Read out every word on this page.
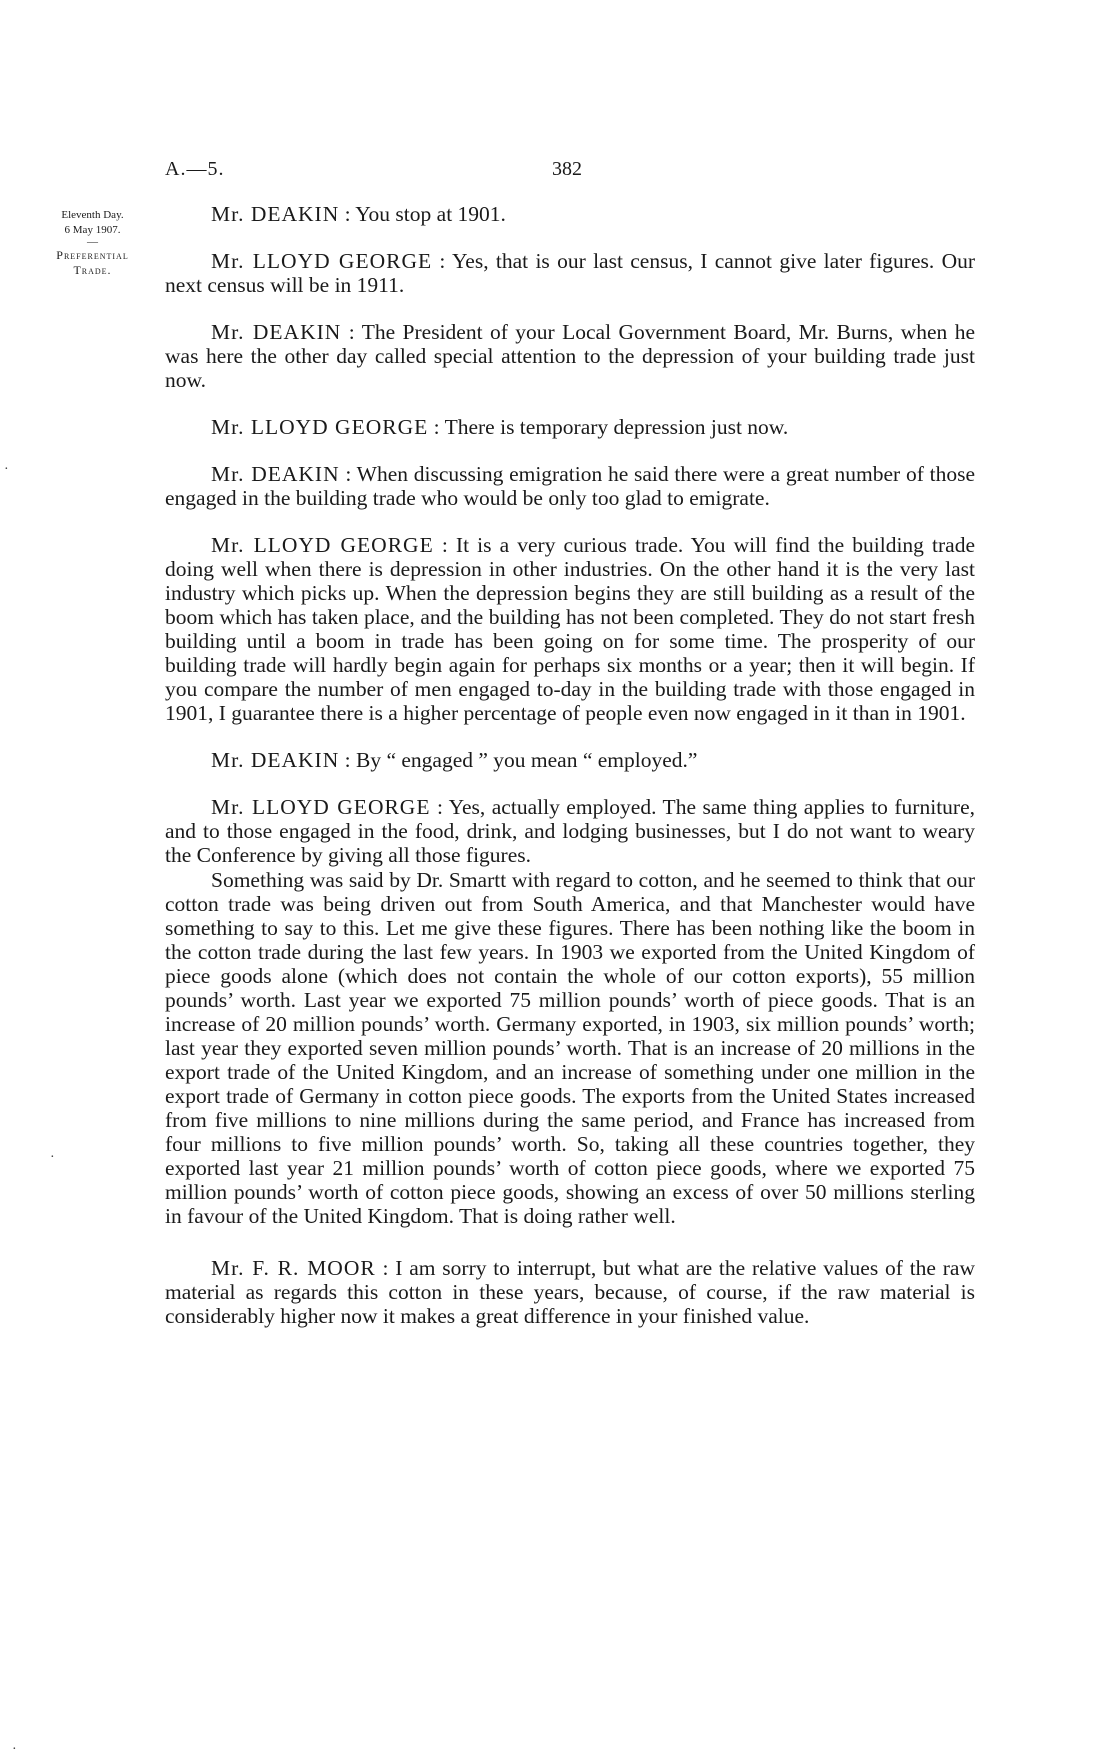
A.—5.	382
Eleventh Day.
6 May 1907.
—
Preferential
Trade.

Mr. DEAKIN : You stop at 1901.

Mr. LLOYD GEORGE : Yes, that is our last census, I cannot give later figures. Our next census will be in 1911.

Mr. DEAKIN : The President of your Local Government Board, Mr. Burns, when he was here the other day called special attention to the depression of your building trade just now.

Mr. LLOYD GEORGE : There is temporary depression just now.

Mr. DEAKIN : When discussing emigration he said there were a great number of those engaged in the building trade who would be only too glad to emigrate.

Mr. LLOYD GEORGE : It is a very curious trade. You will find the building trade doing well when there is depression in other industries. On the other hand it is the very last industry which picks up. When the depression begins they are still building as a result of the boom which has taken place, and the building has not been completed. They do not start fresh building until a boom in trade has been going on for some time. The prosperity of our building trade will hardly begin again for perhaps six months or a year; then it will begin. If you compare the number of men engaged to-day in the building trade with those engaged in 1901, I guarantee there is a higher percentage of people even now engaged in it than in 1901.

Mr. DEAKIN : By “ engaged ” you mean “ employed.”

Mr. LLOYD GEORGE : Yes, actually employed. The same thing applies to furniture, and to those engaged in the food, drink, and lodging businesses, but I do not want to weary the Conference by giving all those figures.

Something was said by Dr. Smartt with regard to cotton, and he seemed to think that our cotton trade was being driven out from South America, and that Manchester would have something to say to this. Let me give these figures. There has been nothing like the boom in the cotton trade during the last few years. In 1903 we exported from the United Kingdom of piece goods alone (which does not contain the whole of our cotton exports), 55 million pounds’ worth. Last year we exported 75 million pounds’ worth of piece goods. That is an increase of 20 million pounds’ worth. Germany exported, in 1903, six million pounds’ worth; last year they exported seven million pounds’ worth. That is an increase of 20 millions in the export trade of the United Kingdom, and an increase of something under one million in the export trade of Germany in cotton piece goods. The exports from the United States increased from five millions to nine millions during the same period, and France has increased from four millions to five million pounds’ worth. So, taking all these countries together, they exported last year 21 million pounds’ worth of cotton piece goods, where we exported 75 million pounds’ worth of cotton piece goods, showing an excess of over 50 millions sterling in favour of the United Kingdom. That is doing rather well.

Mr. F. R. MOOR : I am sorry to interrupt, but what are the relative values of the raw material as regards this cotton in these years, because, of course, if the raw material is considerably higher now it makes a great difference in your finished value.

·
·
·
